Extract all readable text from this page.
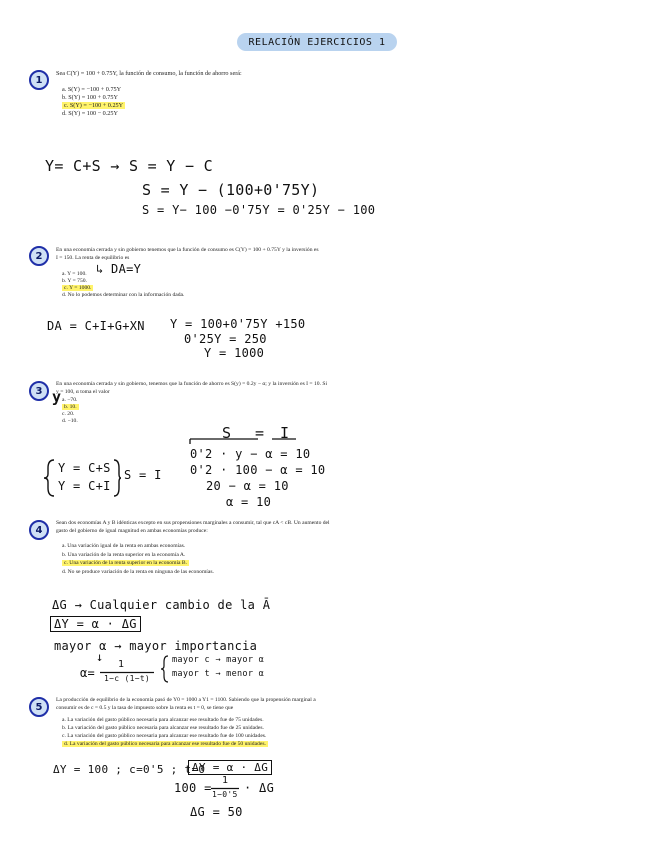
RELACIÓN EJERCICIOS 1
1
Sea C(Y) = 100 + 0.75Y, la función de consumo, la función de ahorro será:
a. S(Y) = −100 + 0.75Y
b. S(Y) = 100 + 0.75Y
c. S(Y) = −100 + 0.25Y
d. S(Y) = 100 − 0.25Y
Y= C+S → S = Y − C
S = Y − (100+0'75Y)
S = Y− 100 −0'75Y = 0'25Y − 100
2
En una economía cerrada y sin gobierno tenemos que la función de consumo es C(Y) = 100 + 0.75Y y la inversión es
I = 150. La renta de equilibrio es
↳ DA=Y
a. Y = 100.
b. Y = 750.
c. Y = 1000.
d. No lo podemos determinar con la información dada.
DA = C+I+G+XN Y = 100+0'75Y +150
0'25Y = 250
Y = 1000
3
En una economía cerrada y sin gobierno, tenemos que la función de ahorro es S(y) = 0.2y − α; y la inversión es I = 10. Si
y = 100, α toma el valor
y a. −70.
b. 10.
c. 20.
d. −10.
Y = C+S
Y = C+I
S = I
S = I
0'2 · y − α = 10
0'2 · 100 − α = 10
20 − α = 10
α = 10
4
Sean dos economías A y B idénticas excepto en sus propensiones marginales a consumir, tal que cA < cB. Un aumento del
gasto del gobierno de igual magnitud en ambas economías produce:
a. Una variación igual de la renta en ambas economías.
b. Una variación de la renta superior en la economía A.
c. Una variación de la renta superior en la economía B.
d. No se produce variación de la renta en ninguna de las economías.
ΔG → Cualquier cambio de la Ā
ΔY = α · ΔG
mayor α → mayor importancia
↓
α=
1
1−c (1−t)
mayor c → mayor α
mayor t → menor α
5
La producción de equilibrio de la economía pasó de Y0 = 1000 a Y1 = 1100. Sabiendo que la propensión marginal a
consumir es de c = 0.5 y la tasa de impuesto sobre la renta es t = 0, se tiene que
a. La variación del gasto público necesaria para alcanzar ese resultado fue de 75 unidades.
b. La variación del gasto público necesaria para alcanzar ese resultado fue de 25 unidades.
c. La variación del gasto público necesaria para alcanzar ese resultado fue de 100 unidades.
d. La variación del gasto público necesaria para alcanzar ese resultado fue de 50 unidades.
ΔY = 100 ; c=0'5 ; t=0
ΔY = α · ΔG
100 =
1
1−0'5 · ΔG
ΔG = 50
